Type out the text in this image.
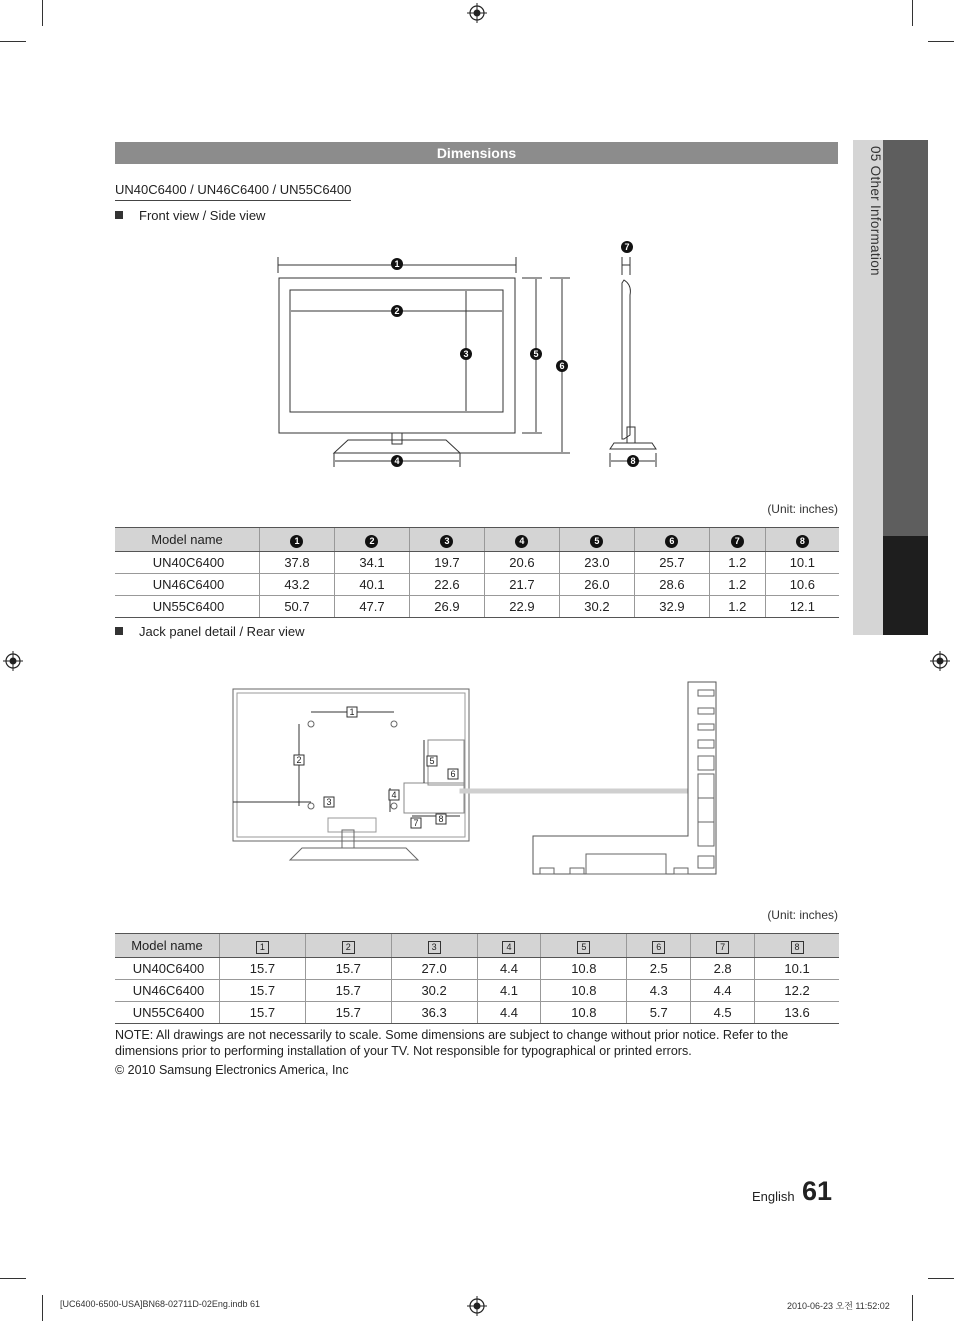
05 Other Information
Dimensions
UN40C6400 / UN46C6400 / UN55C6400
Front view / Side view
1
2
3
4
5
6
7
8
(Unit: inches)
Model name	1	2	3	4	5	6	7	8
UN40C6400	37.8	34.1	19.7	20.6	23.0	25.7	1.2	10.1
UN46C6400	43.2	40.1	22.6	21.7	26.0	28.6	1.2	10.6
UN55C6400	50.7	47.7	26.9	22.9	30.2	32.9	1.2	12.1
Jack panel detail / Rear view
1
2
3
4
5
6
7 8
(Unit: inches)
Model name	1	2	3	4	5	6	7	8
UN40C6400	15.7	15.7	27.0	4.4	10.8	2.5	2.8	10.1
UN46C6400	15.7	15.7	30.2	4.1	10.8	4.3	4.4	12.2
UN55C6400	15.7	15.7	36.3	4.4	10.8	5.7	4.5	13.6
NOTE: All drawings are not necessarily to scale. Some dimensions are subject to change without prior notice. Refer to the dimensions prior to performing installation of your TV. Not responsible for typographical or printed errors.
© 2010 Samsung Electronics America, Inc
English 61
[UC6400-6500-USA]BN68-02711D-02Eng.indb 61	2010-06-23 오전 11:52:02
